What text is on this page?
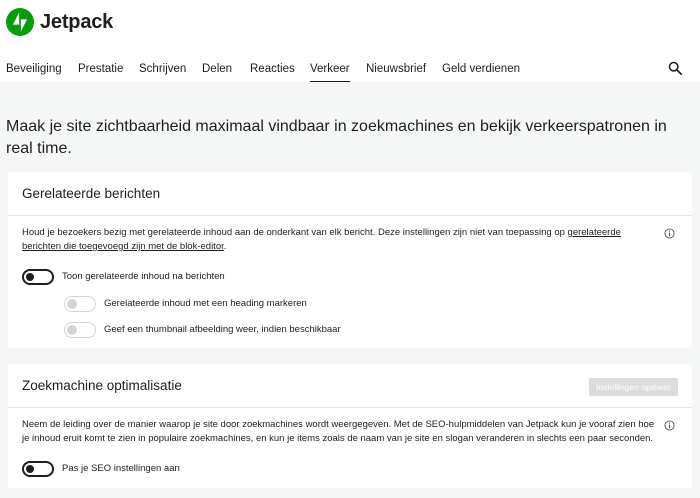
Jetpack
Beveiliging Prestatie Schrijven Delen Reacties Verkeer Nieuwsbrief Geld verdienen
Maak je site zichtbaarheid maximaal vindbaar in zoekmachines en bekijk verkeerspatronen in real time.
Gerelateerde berichten

Houd je bezoekers bezig met gerelateerde inhoud aan de onderkant van elk bericht. Deze instellingen zijn niet van toepassing op gerelateerde berichten die toegevoegd zijn met de blok-editor.

Toon gerelateerde inhoud na berichten
Gerelateerde inhoud met een heading markeren
Geef een thumbnail afbeelding weer, indien beschikbaar
Zoekmachine optimalisatie	Instellingen opslaan

Neem de leiding over de manier waarop je site door zoekmachines wordt weergegeven. Met de SEO-hulpmiddelen van Jetpack kun je vooraf zien hoe je inhoud eruit komt te zien in populaire zoekmachines, en kun je items zoals de naam van je site en slogan veranderen in slechts een paar seconden.

Pas je SEO instellingen aan
